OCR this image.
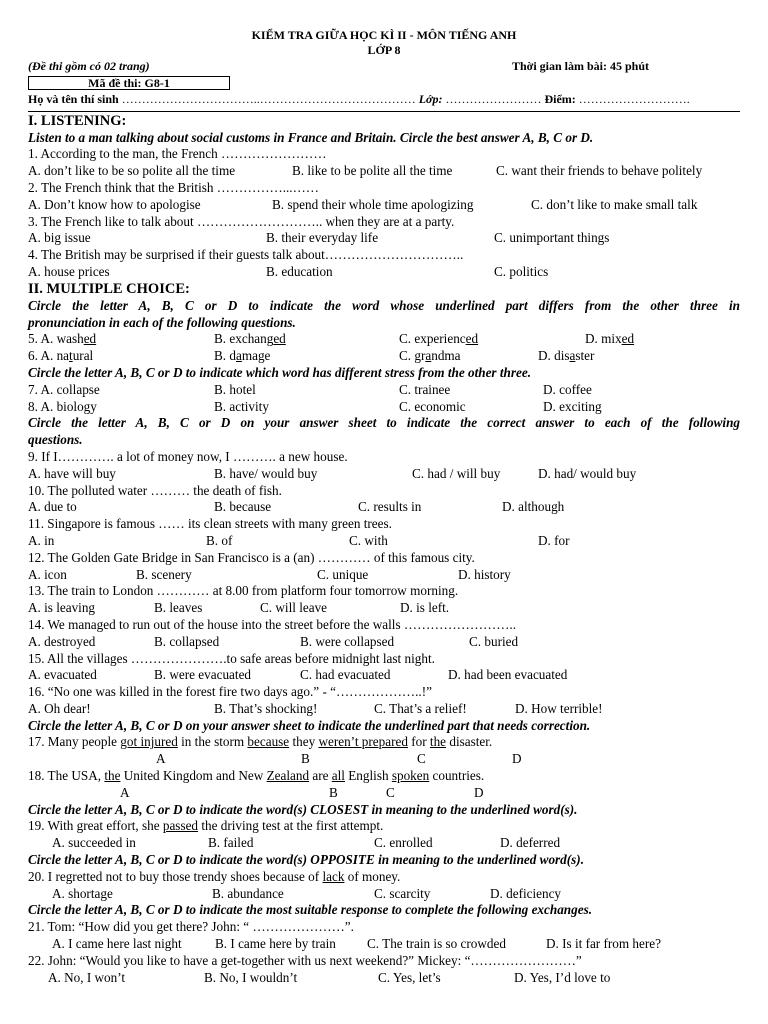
KIỂM TRA GIỮA HỌC KÌ II - MÔN TIẾNG ANH
LỚP 8
(Đề thi gồm có 02 trang)	Thời gian làm bài: 45 phút
Mã đề thi: G8-1
Họ và tên thí sinh ……………………………..………………………………… Lớp: …………………… Điểm: ……………………….
I. LISTENING:
Listen to a man talking about social customs in France and Britain. Circle the best answer A, B, C or D.
1. According to the man, the French ……………………
A. don’t like to be so polite all the time	B. like to be polite all the time	C. want their friends to behave politely
2. The French think that the British ……………...……
A. Don’t know how to apologise	B. spend their whole time apologizing	C. don’t like to make small talk
3. The French like to talk about ……………………….. when they are at a party.
A. big issue	B. their everyday life	C. unimportant things
4. The British may be surprised if their guests talk about…………………………..
A. house prices	B. education	C. politics
II. MULTIPLE CHOICE:
Circle the letter A, B, C or D to indicate the word whose underlined part differs from the other three in
pronunciation in each of the following questions.
5. A. washed	B. exchanged	C. experienced	D. mixed
6. A. natural	B. damage	C. grandma	D. disaster
Circle the letter A, B, C or D to indicate which word has different stress from the other three.
7. A. collapse	B. hotel	C. trainee	D. coffee
8. A. biology	B. activity	C. economic	D. exciting
Circle the letter A, B, C or D on your answer sheet to indicate the correct answer to each of the following
questions.
9. If I…………. a lot of money now, I ………. a new house.
A. have will buy	B. have/ would buy	C. had / will buy	D. had/ would buy
10. The polluted water ……… the death of fish.
A. due to	B. because	C. results in	D. although
11. Singapore is famous …… its clean streets with many green trees.
A. in	B. of	C. with	D. for
12. The Golden Gate Bridge in San Francisco is a (an) ………… of this famous city.
A. icon	B. scenery	C. unique	D. history
13. The train to London ………… at 8.00 from platform four tomorrow morning.
A. is leaving	B. leaves	C. will leave	D. is left.
14. We managed to run out of the house into the street before the walls ……………………..
A. destroyed	B. collapsed	B. were collapsed	C. buried
15. All the villages ………………….to safe areas before midnight last night.
A. evacuated	B. were evacuated	C. had evacuated	D. had been evacuated
16. “No one was killed in the forest fire two days ago.” - “………………..!”
A. Oh dear!	B. That’s shocking!	C. That’s a relief!	D. How terrible!
Circle the letter A, B, C or D on your answer sheet to indicate the underlined part that needs correction.
17. Many people got injured in the storm because they weren’t prepared for the disaster.
A	B	C	D
18. The USA, the United Kingdom and New Zealand are all English spoken countries.
A	B	C	D
Circle the letter A, B, C or D to indicate the word(s) CLOSEST in meaning to the underlined word(s).
19. With great effort, she passed the driving test at the first attempt.
A. succeeded in	B. failed	C. enrolled	D. deferred
Circle the letter A, B, C or D to indicate the word(s) OPPOSITE in meaning to the underlined word(s).
20. I regretted not to buy those trendy shoes because of lack of money.
A. shortage	B. abundance	C. scarcity	D. deficiency
Circle the letter A, B, C or D to indicate the most suitable response to complete the following exchanges.
21. Tom: “How did you get there? John: “ …………………”.
A. I came here last night	B. I came here by train C. The train is so crowded	D. Is it far from here?
22. John: “Would you like to have a get-together with us next weekend?” Mickey: “……………………”
A. No, I won’t	B. No, I wouldn’t	C. Yes, let’s	D. Yes, I’d love to
